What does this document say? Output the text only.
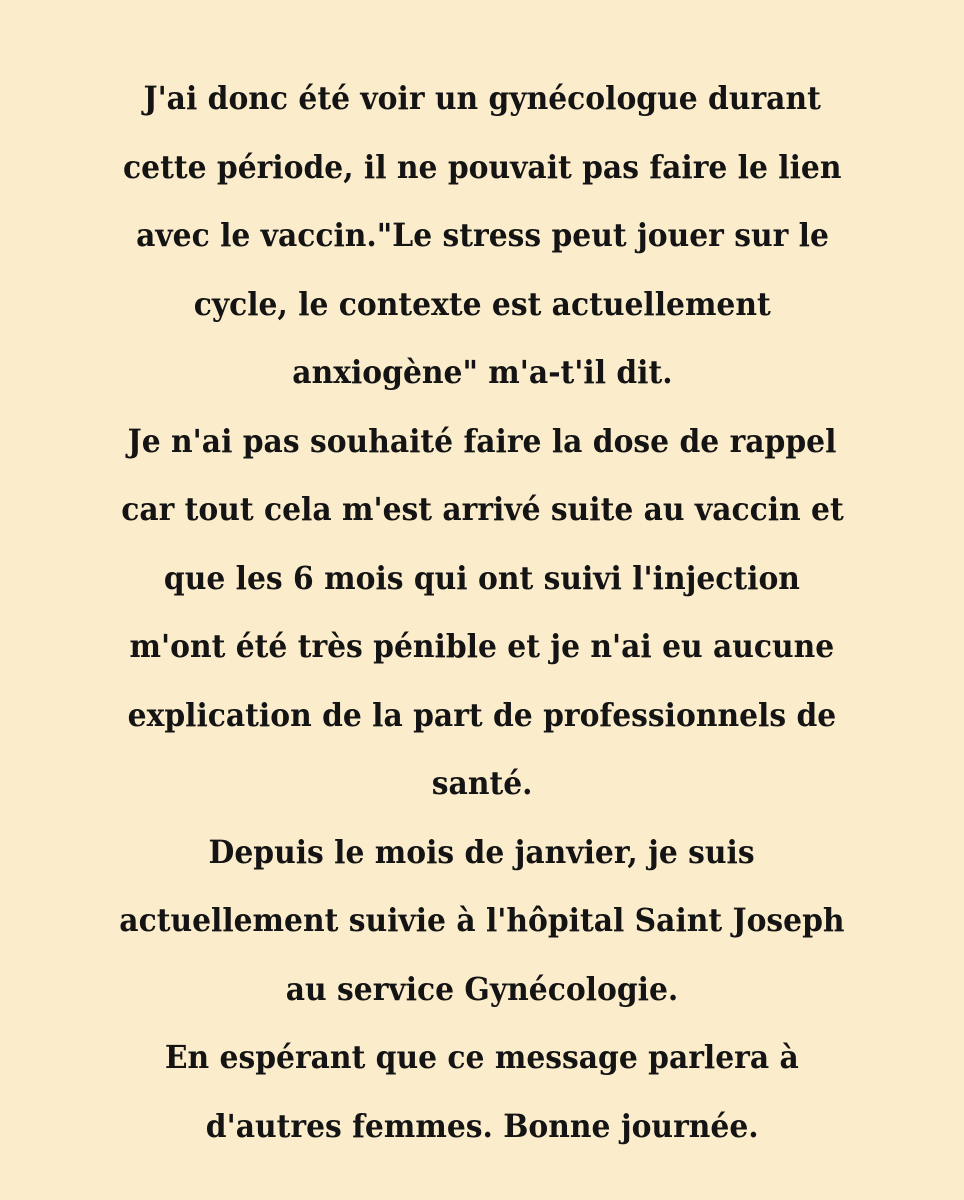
J'ai donc été voir un gynécologue durant
cette période, il ne pouvait pas faire le lien
avec le vaccin."Le stress peut jouer sur le
cycle, le contexte est actuellement
anxiogène" m'a-t'il dit.
Je n'ai pas souhaité faire la dose de rappel
car tout cela m'est arrivé suite au vaccin et
que les 6 mois qui ont suivi l'injection
m'ont été très pénible et je n'ai eu aucune
explication de la part de professionnels de
santé.
Depuis le mois de janvier, je suis
actuellement suivie à l'hôpital Saint Joseph
au service Gynécologie.
En espérant que ce message parlera à
d'autres femmes. Bonne journée.
